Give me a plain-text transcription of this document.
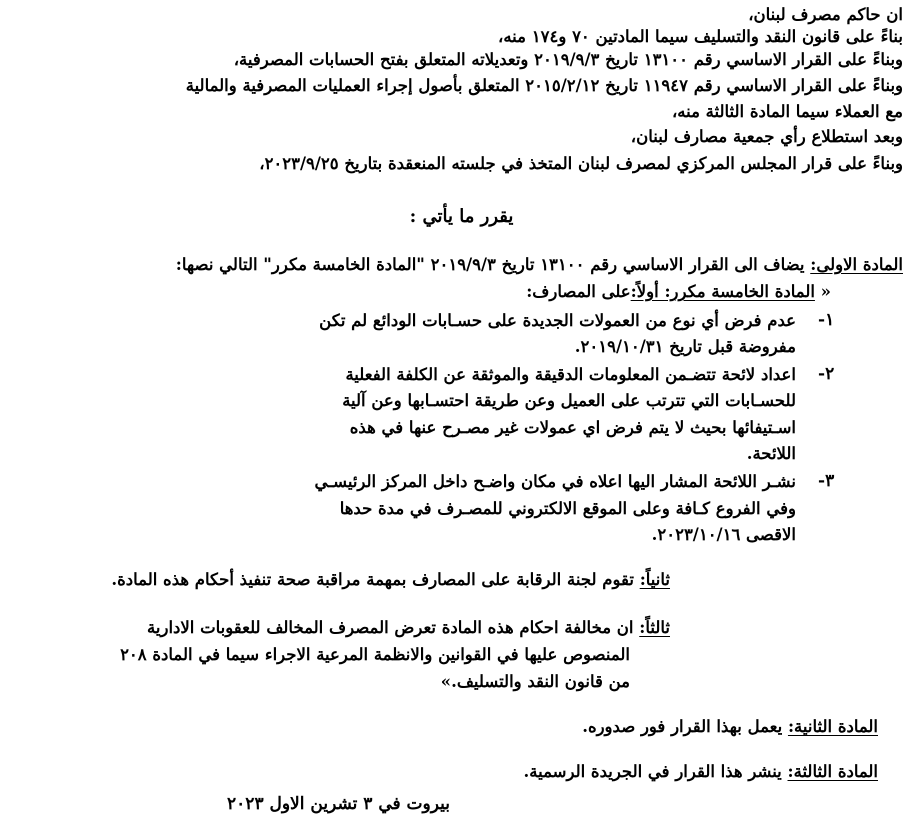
ان حاكم مصرف لبنان،
بناءً على قانون النقد والتسليف سيما المادتين ٧٠ و١٧٤ منه،
وبناءً على القرار الاساسي رقم ١٣١٠٠ تاريخ ٢٠١٩/٩/٣ وتعديلاته المتعلق بفتح الحسابات المصرفية،
وبناءً على القرار الاساسي رقم ١١٩٤٧ تاريخ ٢٠١٥/٢/١٢ المتعلق بأصول إجراء العمليات المصرفية والمالية
مع العملاء سيما المادة الثالثة منه،
وبعد استطلاع رأي جمعية مصارف لبنان،
وبناءً على قرار المجلس المركزي لمصرف لبنان المتخذ في جلسته المنعقدة بتاريخ ٢٠٢٣/٩/٢٥،
يقرر ما يأتي :
المادة الاولى: يضاف الى القرار الاساسي رقم ١٣١٠٠ تاريخ ٢٠١٩/٩/٣ "المادة الخامسة مكرر" التالي نصها:
« المادة الخامسة مكرر: أولاً:على المصارف:
١-
عدم فرض أي نوع من العمولات الجديدة على حسـابات الودائع لم تكن
مفروضة قبل تاريخ ٢٠١٩/١٠/٣١.
٢-
اعداد لائحة تتضـمن المعلومات الدقيقة والموثقة عن الكلفة الفعلية
للحسـابات التي تترتب على العميل وعن طريقة احتسـابها وعن آلية
اسـتيفائها بحيث لا يتم فرض اي عمولات غير مصـرح عنها في هذه
اللائحة.
٣-
نشـر اللائحة المشار اليها اعلاه في مكان واضـح داخل المركز الرئيسـي
وفي الفروع كـافة وعلى الموقع الالكتروني للمصـرف في مدة حدها
الاقصى ٢٠٢٣/١٠/١٦.
ثانياً: تقوم لجنة الرقابة على المصارف بمهمة مراقبة صحة تنفيذ أحكام هذه المادة.
ثالثاً: ان مخالفة احكام هذه المادة تعرض المصرف المخالف للعقوبات الادارية
المنصوص عليها في القوانين والانظمة المرعية الاجراء سيما في المادة ٢٠٨
من قانون النقد والتسليف.»
المادة الثانية: يعمل بهذا القرار فور صدوره.
المادة الثالثة: ينشر هذا القرار في الجريدة الرسمية.
بيروت في ٣ تشرين الاول ٢٠٢٣
